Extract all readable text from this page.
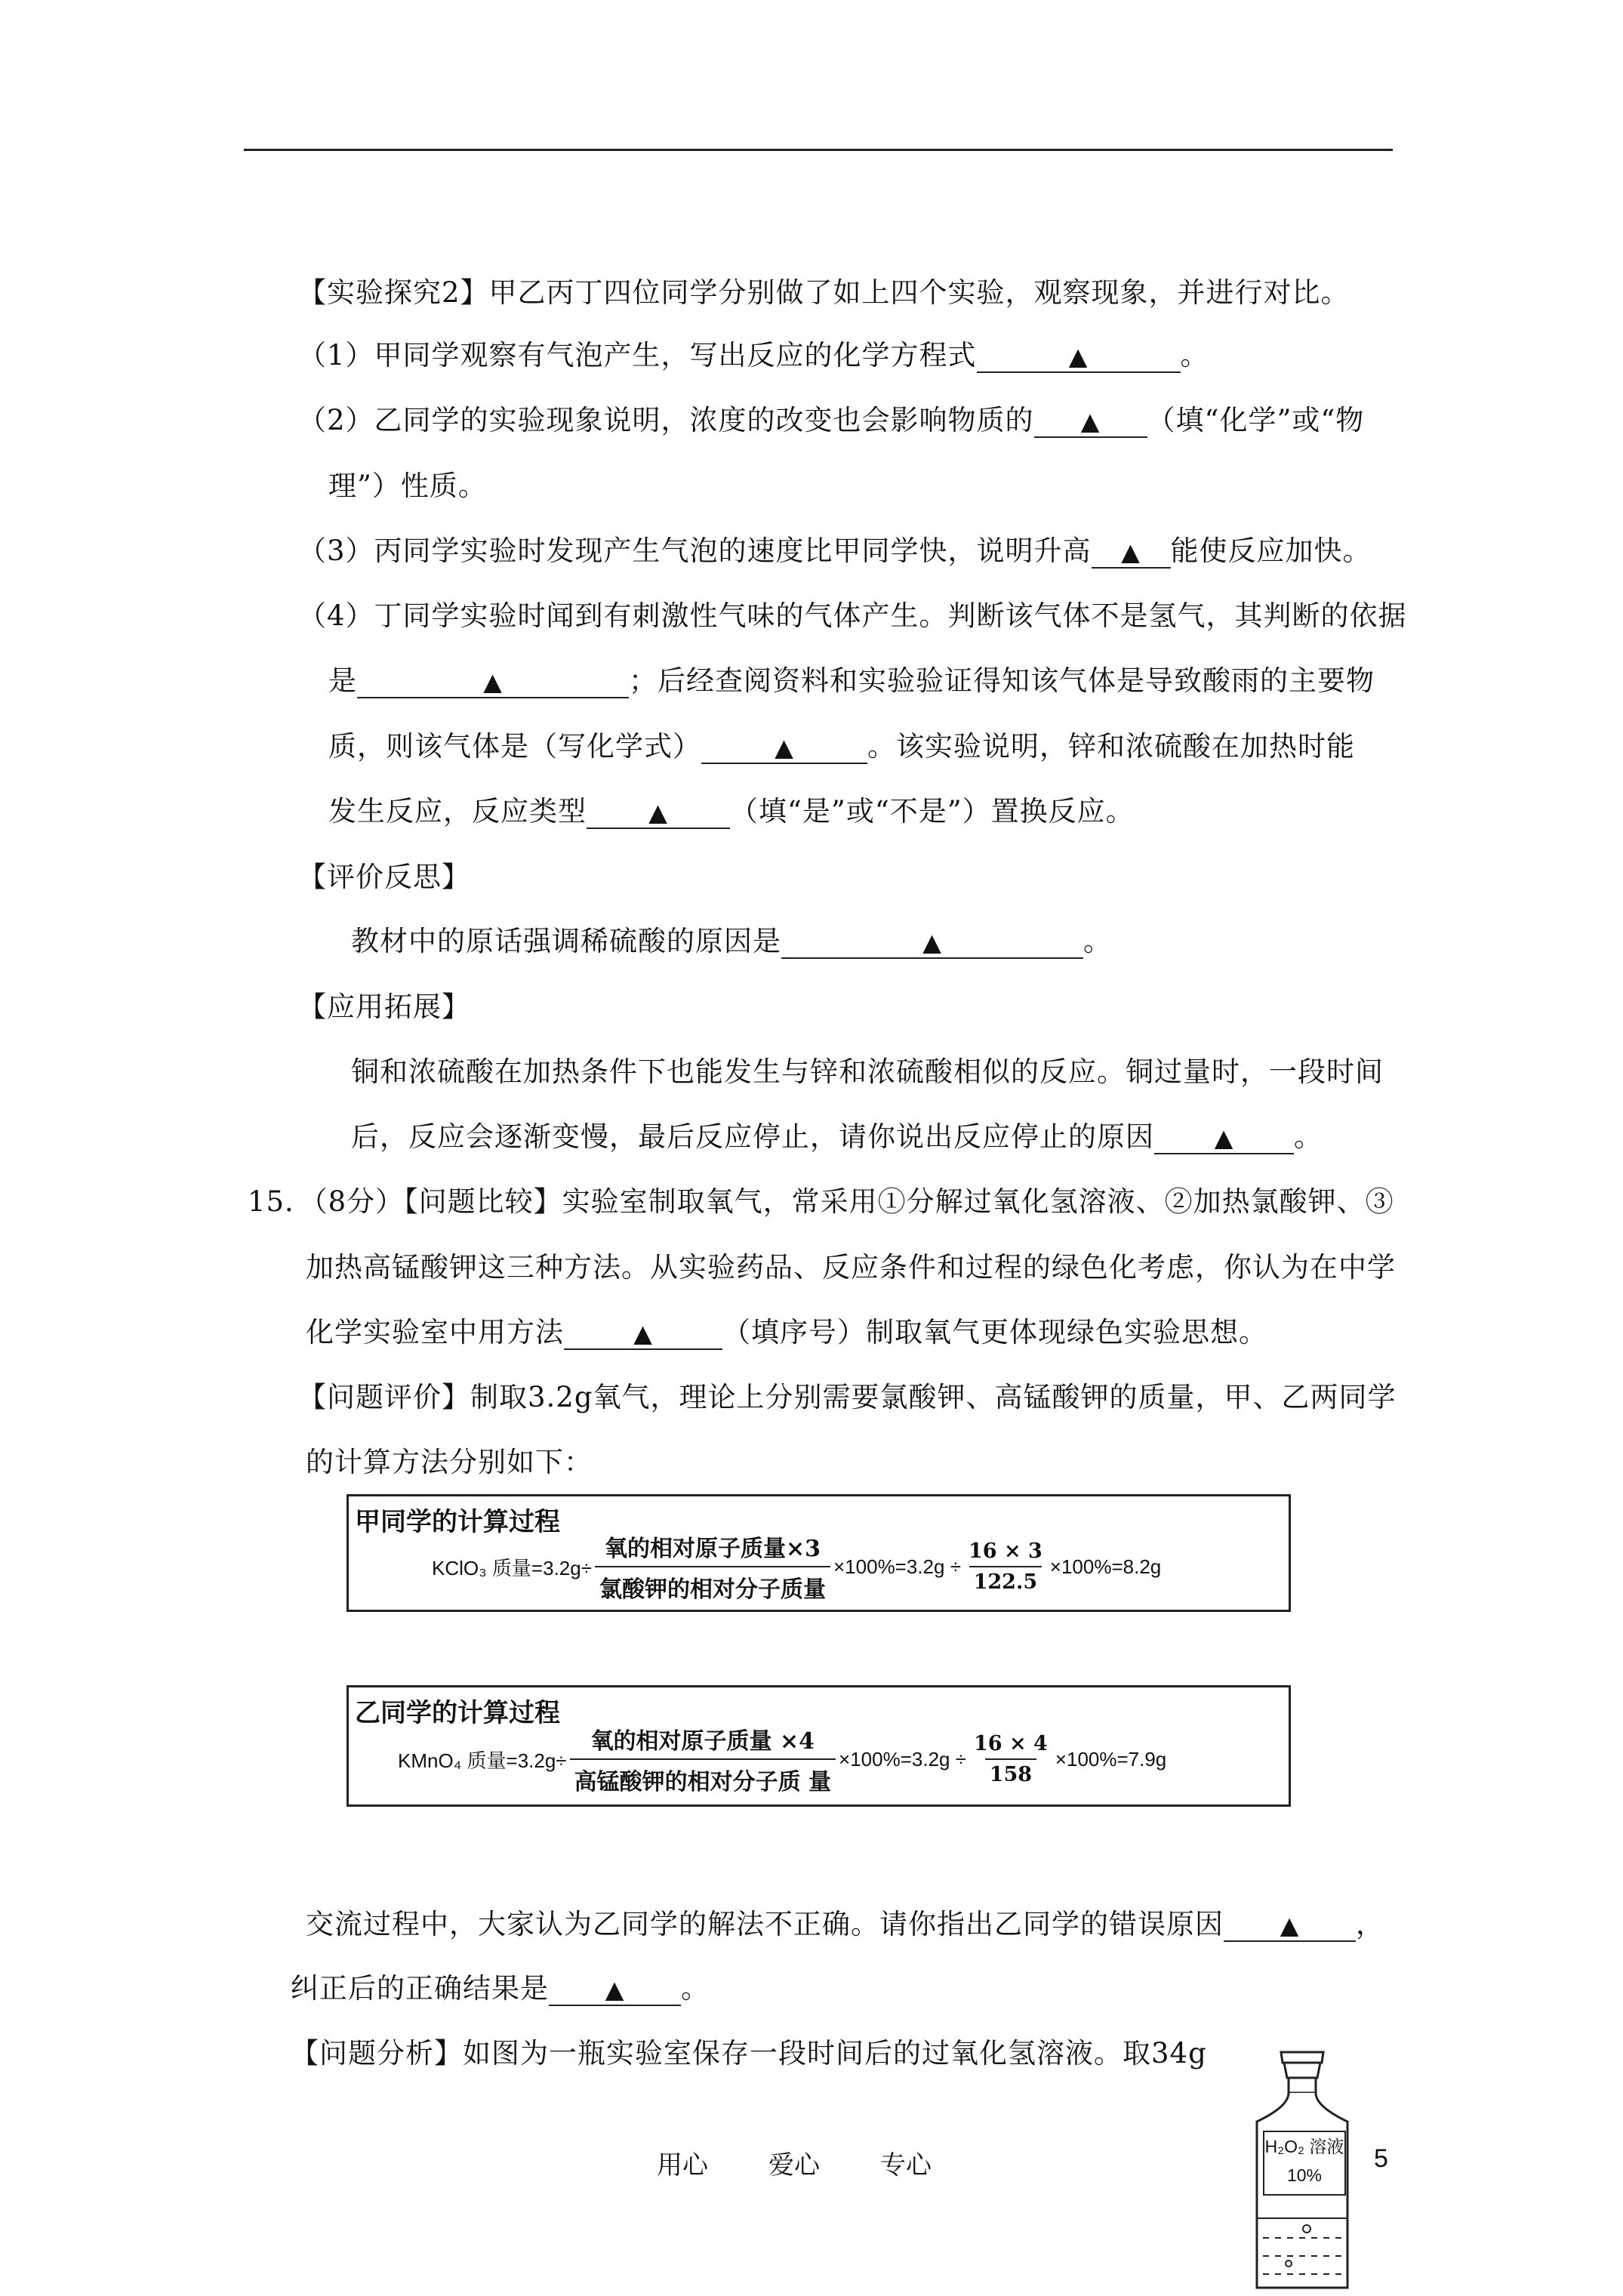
【实验探究2】甲乙丙丁四位同学分别做了如上四个实验，观察现象，并进行对比。
（1）甲同学观察有气泡产生，写出反应的化学方程式	▲	。
（2）乙同学的实验现象说明，浓度的改变也会影响物质的 ▲ （填“化学”或“物
理”）性质。
（3）丙同学实验时发现产生气泡的速度比甲同学快，说明升高 ▲ 能使反应加快。
（4）丁同学实验时闻到有刺激性气味的气体产生。判断该气体不是氢气，其判断的依据
是	▲	；后经查阅资料和实验验证得知该气体是导致酸雨的主要物
质，则该气体是（写化学式）	▲	。该实验说明，锌和浓硫酸在加热时能
发生反应，反应类型	▲ （填“是”或“不是”）置换反应。
【评价反思】
教材中的原话强调稀硫酸的原因是	▲	。
【应用拓展】
铜和浓硫酸在加热条件下也能发生与锌和浓硫酸相似的反应。铜过量时，一段时间
后，反应会逐渐变慢，最后反应停止，请你说出反应停止的原因 ▲ 。
15．（8分）【问题比较】实验室制取氧气，常采用①分解过氧化氢溶液、②加热氯酸钾、③
加热高锰酸钾这三种方法。从实验药品、反应条件和过程的绿色化考虑，你认为在中学
化学实验室中用方法	▲ （填序号）制取氧气更体现绿色实验思想。
【问题评价】制取3.2g氧气，理论上分别需要氯酸钾、高锰酸钾的质量，甲、乙两同学
的计算方法分别如下：
甲同学的计算过程
KClO₃ 质量$=3.2g\div \frac{\text{氧的相对原子质量×3}}{\text{氯酸钾的相对分子质量}} \times 100\%=3.2g \div \frac{16 \times 3}{122.5} \times 100\%=8.2g$
乙同学的计算过程
KMnO₄ 质量$=3.2g\div \frac{\text{氧的相对原子质量 ×4}}{\text{高锰酸钾的相对分子质 量}} \times 100\%=3.2g \div \frac{16 \times 4}{158} \times 100\%=7.9g$
交流过程中，大家认为乙同学的解法不正确。请你指出乙同学的错误原因 ▲ ，
纠正后的正确结果是 ▲ 。
【问题分析】如图为一瓶实验室保存一段时间后的过氧化氢溶液。取34g
用心 爱心 专心	5
H₂O₂ 溶液
10%
